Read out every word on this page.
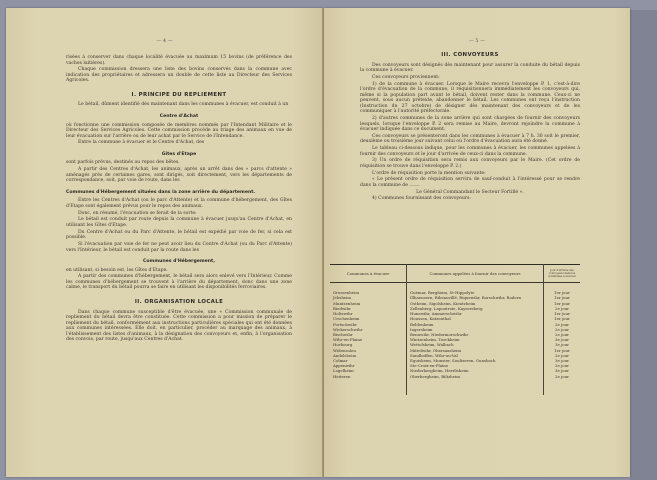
— 4 —

risées à conserver dans chaque localité évacuée au maximum 15 bovins (de préférence des vaches laitières).

Chaque commission dressera une liste des bovins conservés dans la commune avec indication des propriétaires et adressera un double de cette liste au Directeur des Services Agricoles.

I. PRINCIPE DU REPLIEMENT

Le bétail, dûment identifié dès maintenant dans les communes à évacuer, est conduit à un

Centre d'Achat

où fonctionne une commission composée de membres nommés par l'Intendant Militaire et le Directeur des Services Agricoles. Cette commission procède au triage des animaux en vue de leur évacuation sur l'arrière ou de leur achat par le Service de l'Intendance.

Entre la commune à évacuer et le Centre d'Achat, des

Gîtes d'Etape

sont parfois prévus, destinés au repos des bêtes.

A partir des Centres d'Achat, les animaux, après un arrêt dans des « parcs d'attente » aménagés près de certaines gares, sont dirigés, soit directement, vers les départements de correspondance, soit, par voie de route, dans les

Communes d'Hébergement situées dans la zone arrière du département.

Entre les Centres d'Achat (ou le parc d'Attente) et la commune d'hébergement, des Gîtes d'Etape sont également prévus pour le repos des animaux.

Donc, en résumé, l'évacuation se ferait de la sorte:

Le bétail est conduit par route depuis la commune à évacuer jusqu'au Centre d'Achat, en utilisant les Gîtes d'Etape.

Du Centre d'Achat ou du Parc d'Attente, le bétail est expédié par voie de fer, si cela est possible.

Si l'évacuation par voie de fer ne peut avoir lieu du Centre d'Achat (ou du Parc d'Attente) vers l'Intérieur, le bétail est conduit par la route dans les

Communes d'Hébergement,

en utilisant, si besoin est, les Gîtes d'Etape.

A partir des communes d'hébergement, le bétail sera alors enlevé vers l'Intérieur. Comme les communes d'hébergement se trouvent à l'arrière du département, donc dans une zone calme, le transport du bétail pourra se faire en utilisant les disponibilités ferroviaires.

II. ORGANISATION LOCALE

Dans chaque commune susceptible d'être évacuée, une « Commission communale de repliement du bétail devra être constituée. Cette commission a pour mission de préparer le repliement du bétail, conformément aux instructions particulières spéciales qui ont été données aux communes intéressées. Elle doit, en particulier, procéder au marquage des animaux, à l'établissement des listes d'animaux, à la désignation des convoyeurs et, enfin, à l'organisation des convois, par route, jusqu'aux Centres d'Achat.

— 5 —
III. CONVOYEURS

Des convoyeurs sont désignés dès maintenant pour assurer la conduite du bétail depuis la commune à évacuer.

Ces convoyeurs proviennent:

1) de la commune à évacuer. Lorsque le Maire recevra l'enveloppe P. 1, c'est-à-dire l'ordre d'évacuation de la commune, il réquisitionnera immédiatement les convoyeurs qui, même si la population part avant le bétail, doivent rester dans la commune. Ceux-ci ne peuvent, sous aucun prétexte, abandonner le bétail. Les communes ont reçu l'instruction (Instruction du 27 octobre) de désigner dès maintenant des convoyeurs et de les communiquer à l'autorité préfectorale.

2) d'autres communes de la zone arrière qui sont chargées de fournir des convoyeurs lesquels, lorsque l'enveloppe P. 2 sera remise au Maire, devront rejoindre la commune à évacuer indiquée dans ce document.

Ces convoyeurs se présenteront dans les communes à évacuer à 7 h. 30 soit le premier, deuxième ou troisième jour suivant celui où l'ordre d'évacuation aura été donné.

Le tableau ci-dessous indique, pour les communes à évacuer, les communes appelées à fournir des convoyeurs et le jour d'arrivée de ceux-ci dans la commune.

3) Un ordre de réquisition sera remis aux convoyeurs par le Maire. (Cet ordre de réquisition se trouve dans l'enveloppe P. 2.)

L'ordre de réquisition porte la mention suivante:

« Le présent ordre de réquisition servira de sauf-conduit à l'intéressé pour se rendre dans la commune de .......

Le Général Commandant le Secteur Fortifié ».

4) Communes fournissant des convoyeurs:

Communes à évacuer	Communes appelées à fournir des convoyeurs	Jour d'arrivée des convoyeurs dans les communes à évacuer
Grussenheim	Guémar, Bergheim, St-Hippolyte	1er jour
Jebsheim	Illhaeusern, Ribeauvillé, Riquewihr, Rorschwihr, Rodern	1er jour
Muntzenheim	Ostheim, Sigolsheim, Kientzheim	1er jour
Riedwihr	Zellenberg, Lapoutroie, Kaysersberg	2e jour
Holtzwihr	Hunawihr, Ammerschwihr	1er jour
Urschenheim	Houssen, Katzenthal	1er jour
Fortschwihr	Beblenheim	2e jour
Wickerschwihr	Ingersheim	2e jour
Bischwihr	Bennwihr, Niedermorschwihr	2e jour
Wihr-en-Plaine	Wintzenheim, Turckheim	3e jour
Horbourg	Wettolsheim, Walbach	3e jour
Widensolen	Mittelwihr, Obersaasheim	1er jour
Andolsheim	Sundhoffen, Wihr-au-Val	2e jour
Colmar	Eguisheim, Munster, Soultzeren, Gunsbach	3e jour
Appenwihr	Ste-Croix-en-Plaine	2e jour
Logelheim	Niederhergheim, Herrlisheim	3e jour
Heiteren	Oberhergheim, Biltzheim	2e jour
